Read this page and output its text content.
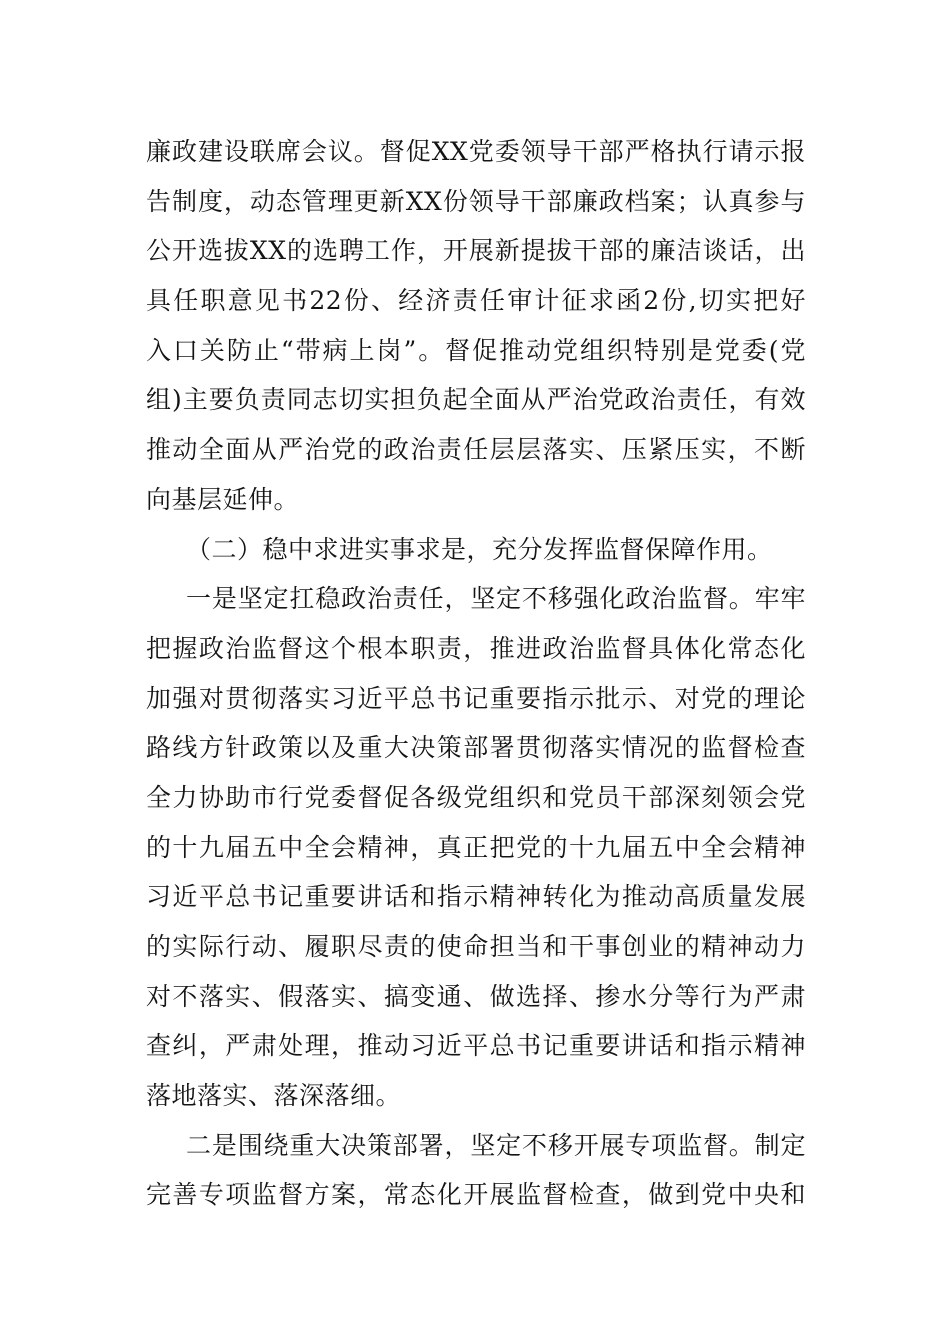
廉政建设联席会议。督促XX党委领导干部严格执行请示报
告制度，动态管理更新XX份领导干部廉政档案；认真参与
公开选拔XX的选聘工作，开展新提拔干部的廉洁谈话，出
具任职意见书22份、经济责任审计征求函2份,切实把好
入口关防止“带病上岗”。督促推动党组织特别是党委(党
组)主要负责同志切实担负起全面从严治党政治责任，有效
推动全面从严治党的政治责任层层落实、压紧压实，不断
向基层延伸。
（二）稳中求进实事求是，充分发挥监督保障作用。
一是坚定扛稳政治责任，坚定不移强化政治监督。牢牢
把握政治监督这个根本职责，推进政治监督具体化常态化
加强对贯彻落实习近平总书记重要指示批示、对党的理论
路线方针政策以及重大决策部署贯彻落实情况的监督检查
全力协助市行党委督促各级党组织和党员干部深刻领会党
的十九届五中全会精神，真正把党的十九届五中全会精神
习近平总书记重要讲话和指示精神转化为推动高质量发展
的实际行动、履职尽责的使命担当和干事创业的精神动力
对不落实、假落实、搞变通、做选择、掺水分等行为严肃
查纠，严肃处理，推动习近平总书记重要讲话和指示精神
落地落实、落深落细。
二是围绕重大决策部署，坚定不移开展专项监督。制定
完善专项监督方案，常态化开展监督检查，做到党中央和
